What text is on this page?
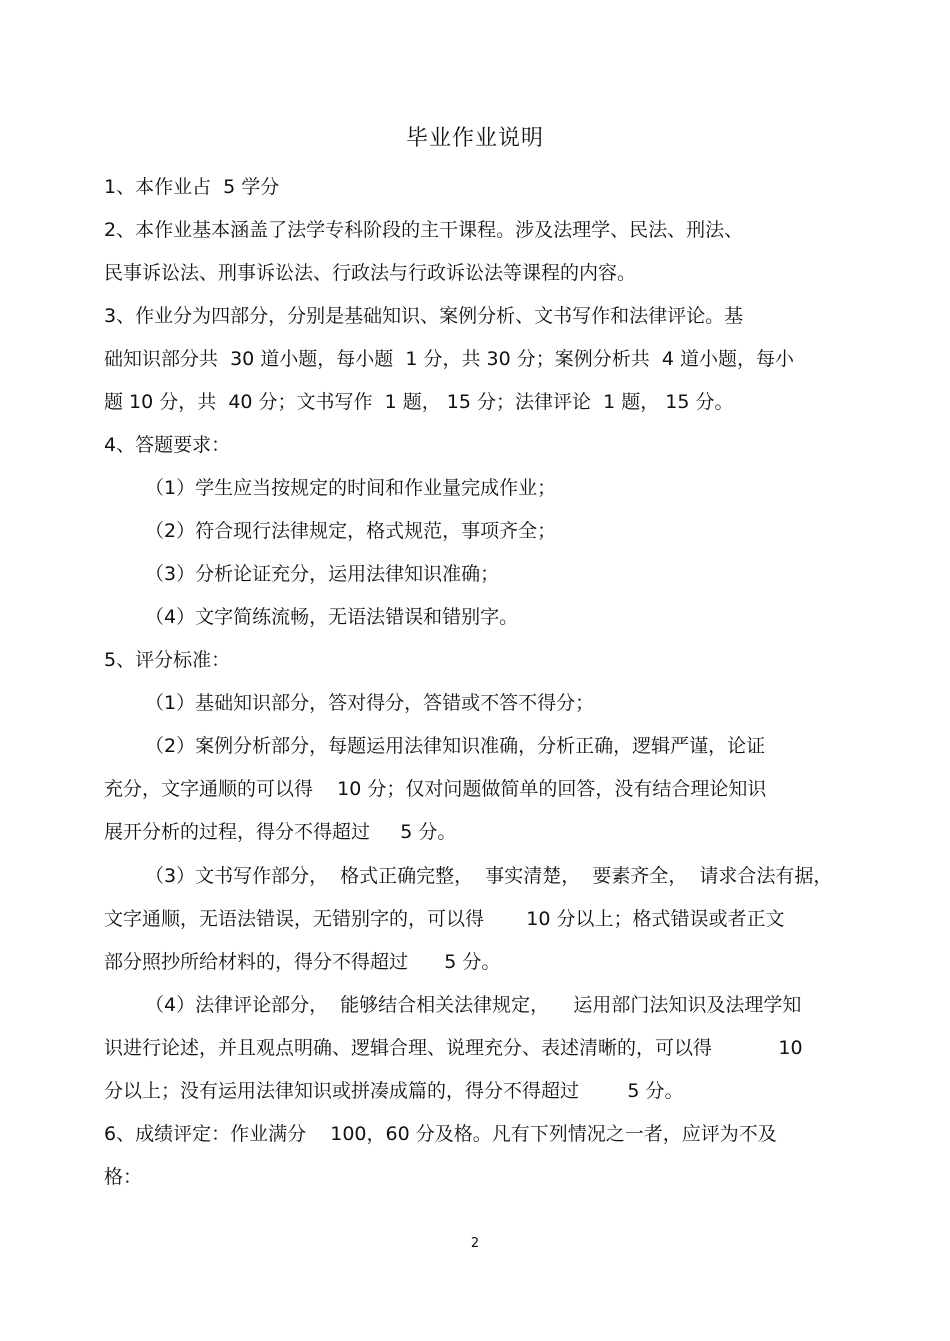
毕业作业说明
1、本作业占  5 学分
2、本作业基本涵盖了法学专科阶段的主干课程。涉及法理学、民法、刑法、
民事诉讼法、刑事诉讼法、行政法与行政诉讼法等课程的内容。
3、作业分为四部分，分别是基础知识、案例分析、文书写作和法律评论。基
础知识部分共  30 道小题，每小题  1 分，共 30 分；案例分析共  4 道小题，每小
题 10 分，共  40 分；文书写作  1 题， 15 分；法律评论  1 题， 15 分。
4、答题要求：
（1）学生应当按规定的时间和作业量完成作业；
（2）符合现行法律规定，格式规范，事项齐全；
（3）分析论证充分，运用法律知识准确；
（4）文字简练流畅，无语法错误和错别字。
5、评分标准：
（1）基础知识部分，答对得分，答错或不答不得分；
（2）案例分析部分，每题运用法律知识准确，分析正确，逻辑严谨，论证
充分，文字通顺的可以得    10 分；仅对问题做简单的回答，没有结合理论知识
展开分析的过程，得分不得超过     5 分。
（3）文书写作部分，  格式正确完整，  事实清楚，  要素齐全，  请求合法有据，
文字通顺，无语法错误，无错别字的，可以得       10 分以上；格式错误或者正文
部分照抄所给材料的，得分不得超过      5 分。
（4）法律评论部分，  能够结合相关法律规定，    运用部门法知识及法理学知
识进行论述，并且观点明确、逻辑合理、说理充分、表述清晰的，可以得           10
分以上；没有运用法律知识或拼凑成篇的，得分不得超过        5 分。
6、成绩评定：作业满分    100，60 分及格。凡有下列情况之一者，应评为不及
格：
2
